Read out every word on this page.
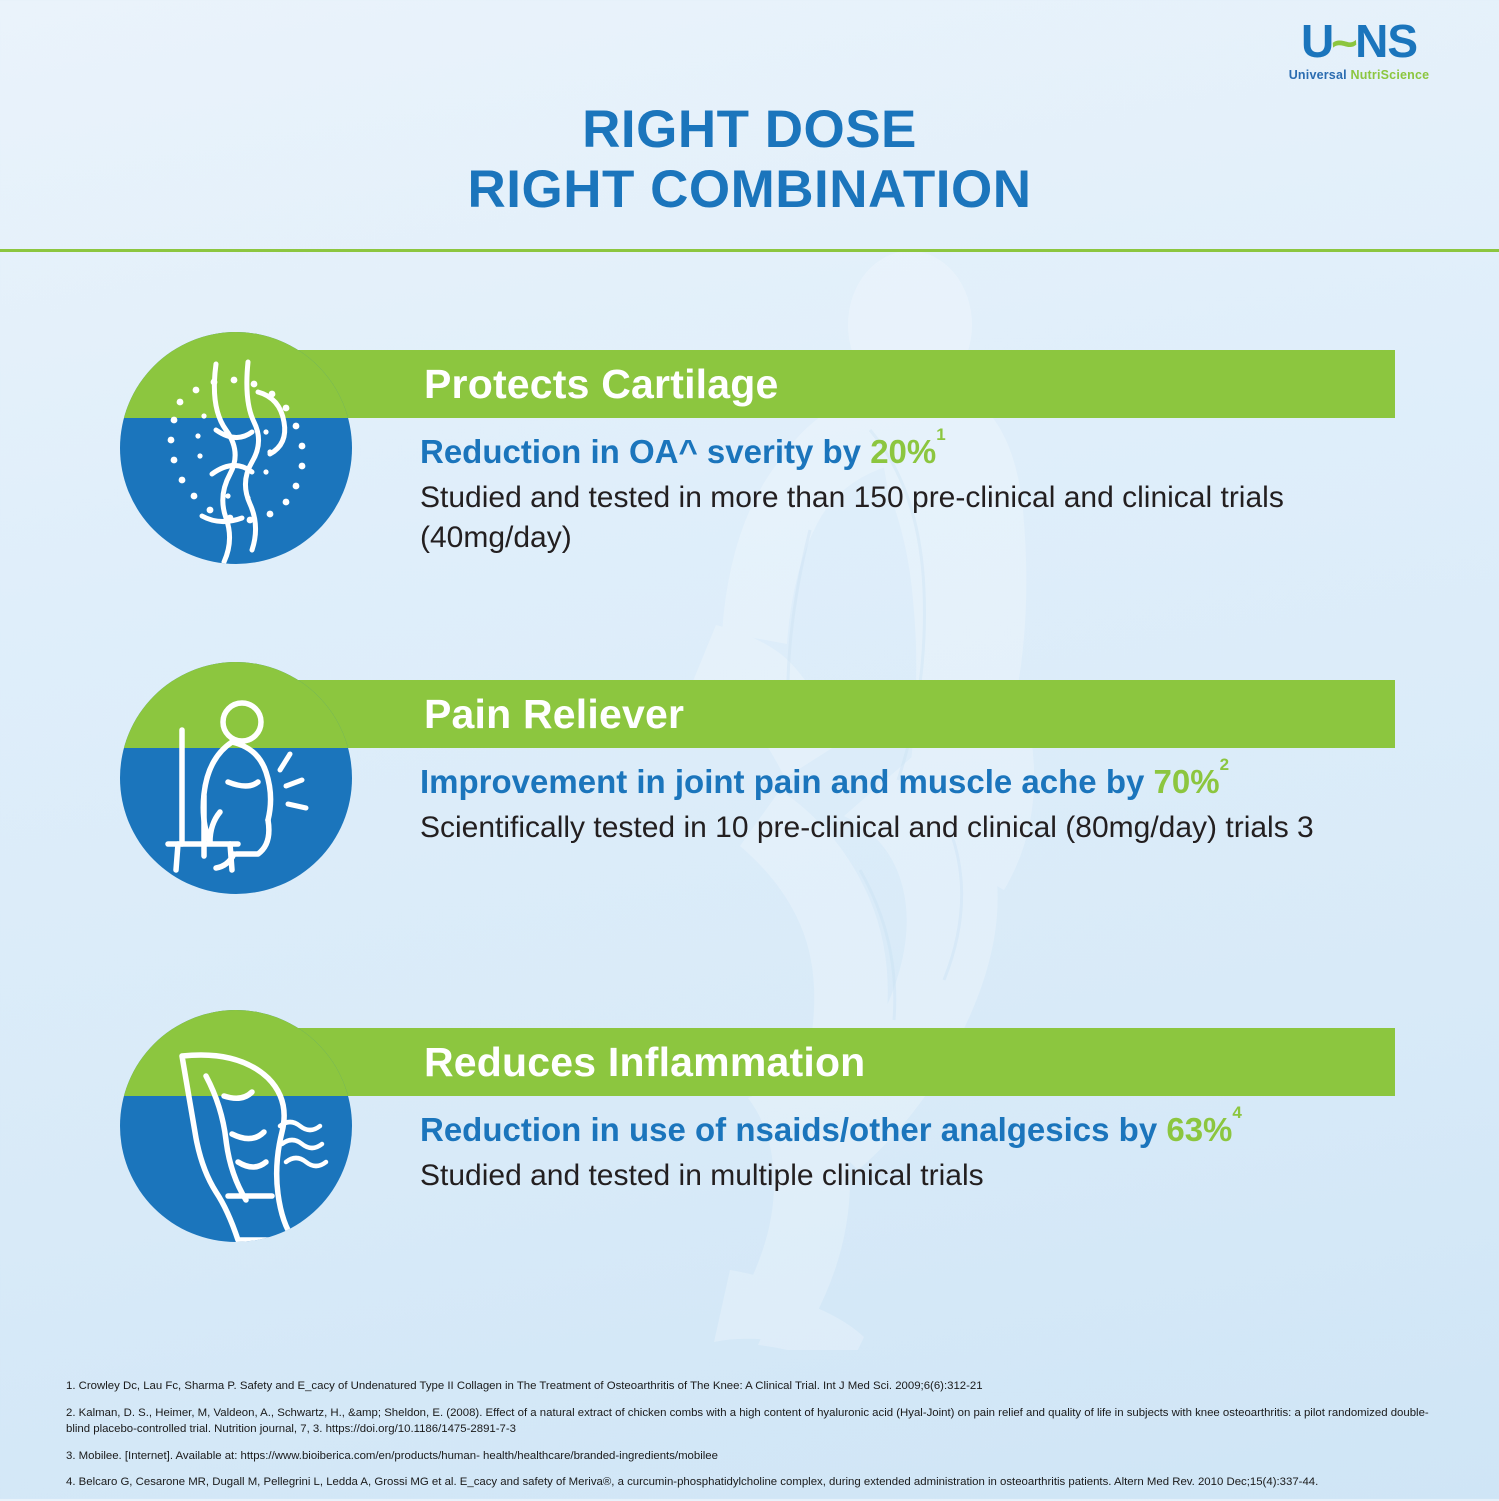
U
~
NS
Universal NutriScience
RIGHT DOSE
RIGHT COMBINATION
Protects Cartilage

Reduction in OA^ sverity by 20%$^1$

Studied and tested in more than 150 pre-clinical and clinical trials (40mg/day)

Pain Reliever

Improvement in joint pain and muscle ache by 70%$^2$

Scientifically tested in 10 pre-clinical and clinical (80mg/day) trials 3

Reduces Inflammation

Reduction in use of nsaids/other analgesics by 63%$^4$

Studied and tested in multiple clinical trials

1. Crowley Dc, Lau Fc, Sharma P. Safety and E_cacy of Undenatured Type II Collagen in The Treatment of Osteoarthritis of The Knee: A Clinical Trial. Int J Med Sci. 2009;6(6):312-21

2. Kalman, D. S., Heimer, M, Valdeon, A., Schwartz, H., &amp; Sheldon, E. (2008). Effect of a natural extract of chicken combs with a high content of hyaluronic acid (Hyal-Joint) on pain relief and quality of life in subjects with knee osteoarthritis: a pilot randomized double-blind placebo-controlled trial. Nutrition journal, 7, 3. https://doi.org/10.1186/1475-2891-7-3

3. Mobilee. [Internet]. Available at: https://www.bioiberica.com/en/products/human- health/healthcare/branded-ingredients/mobilee

4. Belcaro G, Cesarone MR, Dugall M, Pellegrini L, Ledda A, Grossi MG et al. E_cacy and safety of Meriva®, a curcumin-phosphatidylcholine complex, during extended administration in osteoarthritis patients. Altern Med Rev. 2010 Dec;15(4):337-44.
